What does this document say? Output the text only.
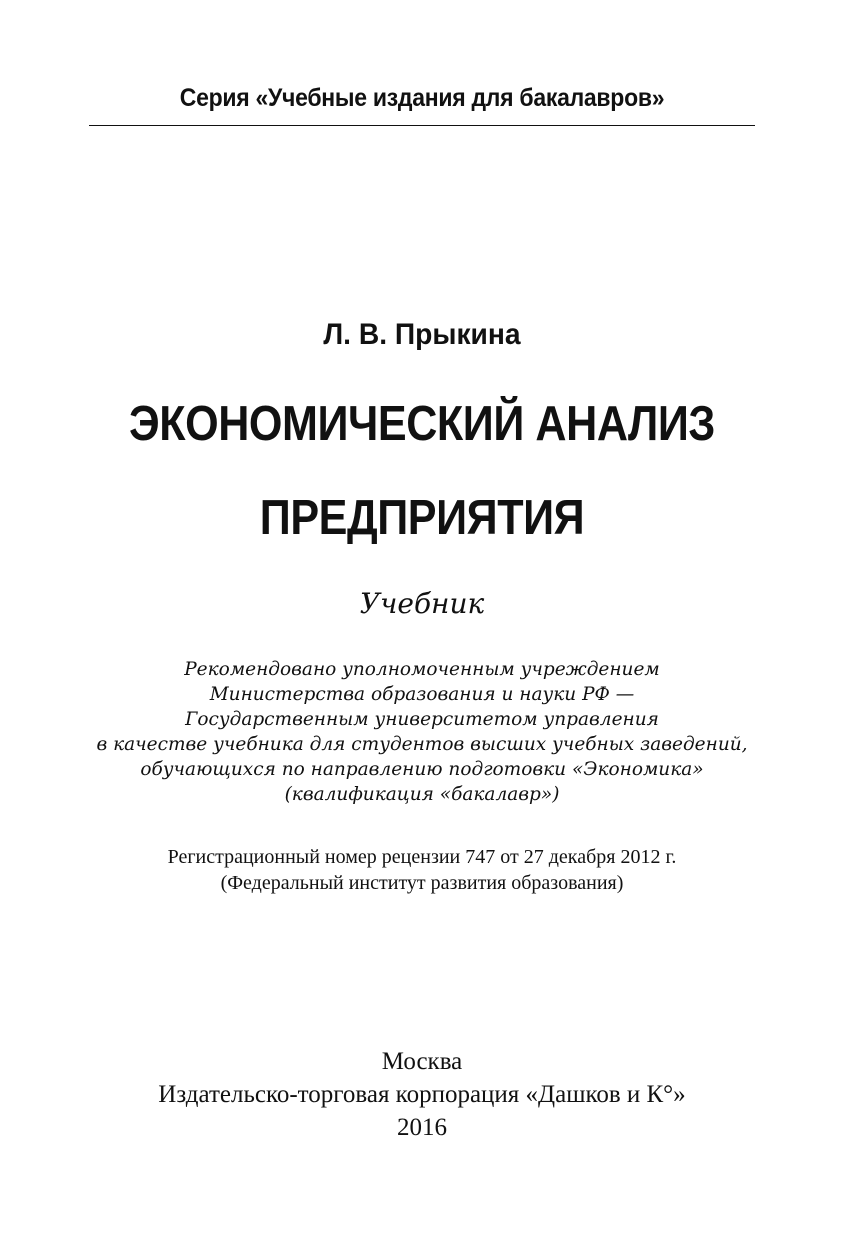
Серия «Учебные издания для бакалавров»
Л. В. Прыкина
ЭКОНОМИЧЕСКИЙ АНАЛИЗ
ПРЕДПРИЯТИЯ
Учебник
Рекомендовано уполномоченным учреждением
Министерства образования и науки РФ —
Государственным университетом управления
в качестве учебника для студентов высших учебных заведений,
обучающихся по направлению подготовки «Экономика»
(квалификация «бакалавр»)
Регистрационный номер рецензии 747 от 27 декабря 2012 г.
(Федеральный институт развития образования)
Москва
Издательско-торговая корпорация «Дашков и К°»
2016
